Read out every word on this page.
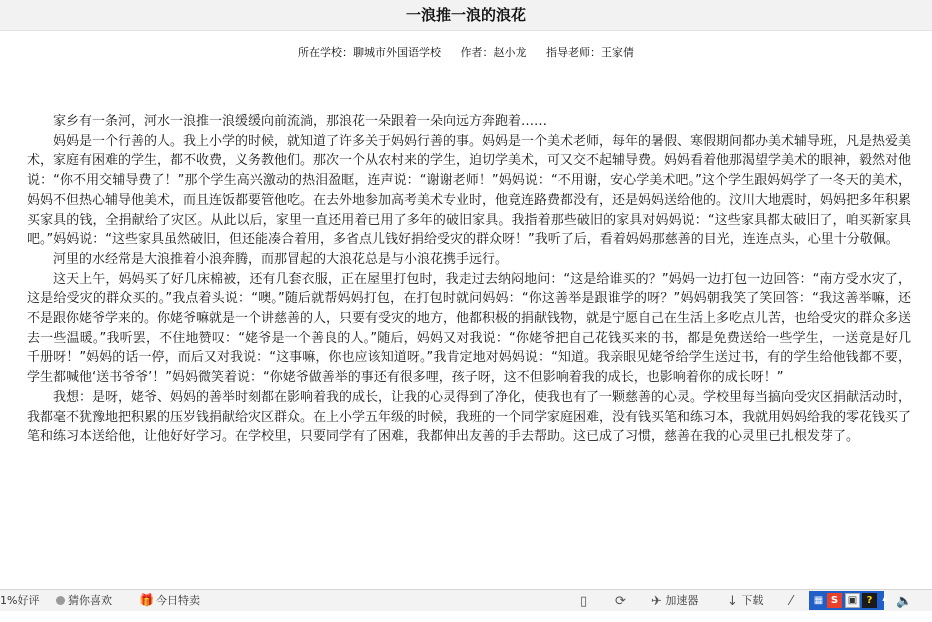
一浪推一浪的浪花
所在学校：聊城市外国语学校 作者：赵小龙 指导老师：王家倩

家乡有一条河，河水一浪推一浪缓缓向前流淌，那浪花一朵跟着一朵向远方奔跑着……

妈妈是一个行善的人。我上小学的时候，就知道了许多关于妈妈行善的事。妈妈是一个美术老师，每年的暑假、寒假期间都办美术辅导班，凡是热爱美术，家庭有困难的学生，都不收费，义务教他们。那次一个从农村来的学生，迫切学美术，可又交不起辅导费。妈妈看着他那渴望学美术的眼神，毅然对他说：“你不用交辅导费了！”那个学生高兴激动的热泪盈眶，连声说：“谢谢老师！”妈妈说：“不用谢，安心学美术吧。”这个学生跟妈妈学了一冬天的美术，妈妈不但热心辅导他美术，而且连饭都要管他吃。在去外地参加高考美术专业时，他竟连路费都没有，还是妈妈送给他的。汶川大地震时，妈妈把多年积累买家具的钱，全捐献给了灾区。从此以后，家里一直还用着已用了多年的破旧家具。我指着那些破旧的家具对妈妈说：“这些家具都太破旧了，咱买新家具吧。”妈妈说：“这些家具虽然破旧，但还能凑合着用，多省点儿钱好捐给受灾的群众呀！”我听了后，看着妈妈那慈善的目光，连连点头，心里十分敬佩。

河里的水经常是大浪推着小浪奔腾，而那冒起的大浪花总是与小浪花携手远行。

这天上午，妈妈买了好几床棉被，还有几套衣服，正在屋里打包时，我走过去纳闷地问：“这是给谁买的？”妈妈一边打包一边回答：“南方受水灾了，这是给受灾的群众买的。”我点着头说：“噢。”随后就帮妈妈打包，在打包时就问妈妈：“你这善举是跟谁学的呀？”妈妈朝我笑了笑回答：“我这善举嘛，还不是跟你姥爷学来的。你姥爷嘛就是一个讲慈善的人，只要有受灾的地方，他都积极的捐献钱物，就是宁愿自己在生活上多吃点儿苦，也给受灾的群众多送去一些温暖。”我听罢，不住地赞叹：“姥爷是一个善良的人。”随后，妈妈又对我说：“你姥爷把自己花钱买来的书，都是免费送给一些学生，一送竟是好几千册呀！”妈妈的话一停，而后又对我说：“这事嘛，你也应该知道呀。”我肯定地对妈妈说：“知道。我亲眼见姥爷给学生送过书，有的学生给他钱都不要，学生都喊他‘送书爷爷’！”妈妈微笑着说：“你姥爷做善举的事还有很多哩，孩子呀，这不但影响着我的成长，也影响着你的成长呀！”

我想：是呀，姥爷、妈妈的善举时刻都在影响着我的成长，让我的心灵得到了净化，使我也有了一颗慈善的心灵。学校里每当搞向受灾区捐献活动时，我都毫不犹豫地把积累的压岁钱捐献给灾区群众。在上小学五年级的时候，我班的一个同学家庭困难，没有钱买笔和练习本，我就用妈妈给我的零花钱买了笔和练习本送给他，让他好好学习。在学校里，只要同学有了困难，我都伸出友善的手去帮助。这已成了习惯，慈善在我的心灵里已扎根发芽了。

1%好评	猜你喜欢 🎁 今日特卖	▯ ⟳ ✈ 加速器 ↓ 下载 ⁄ ▦ S ▣ ?	▴
▾
🔈
